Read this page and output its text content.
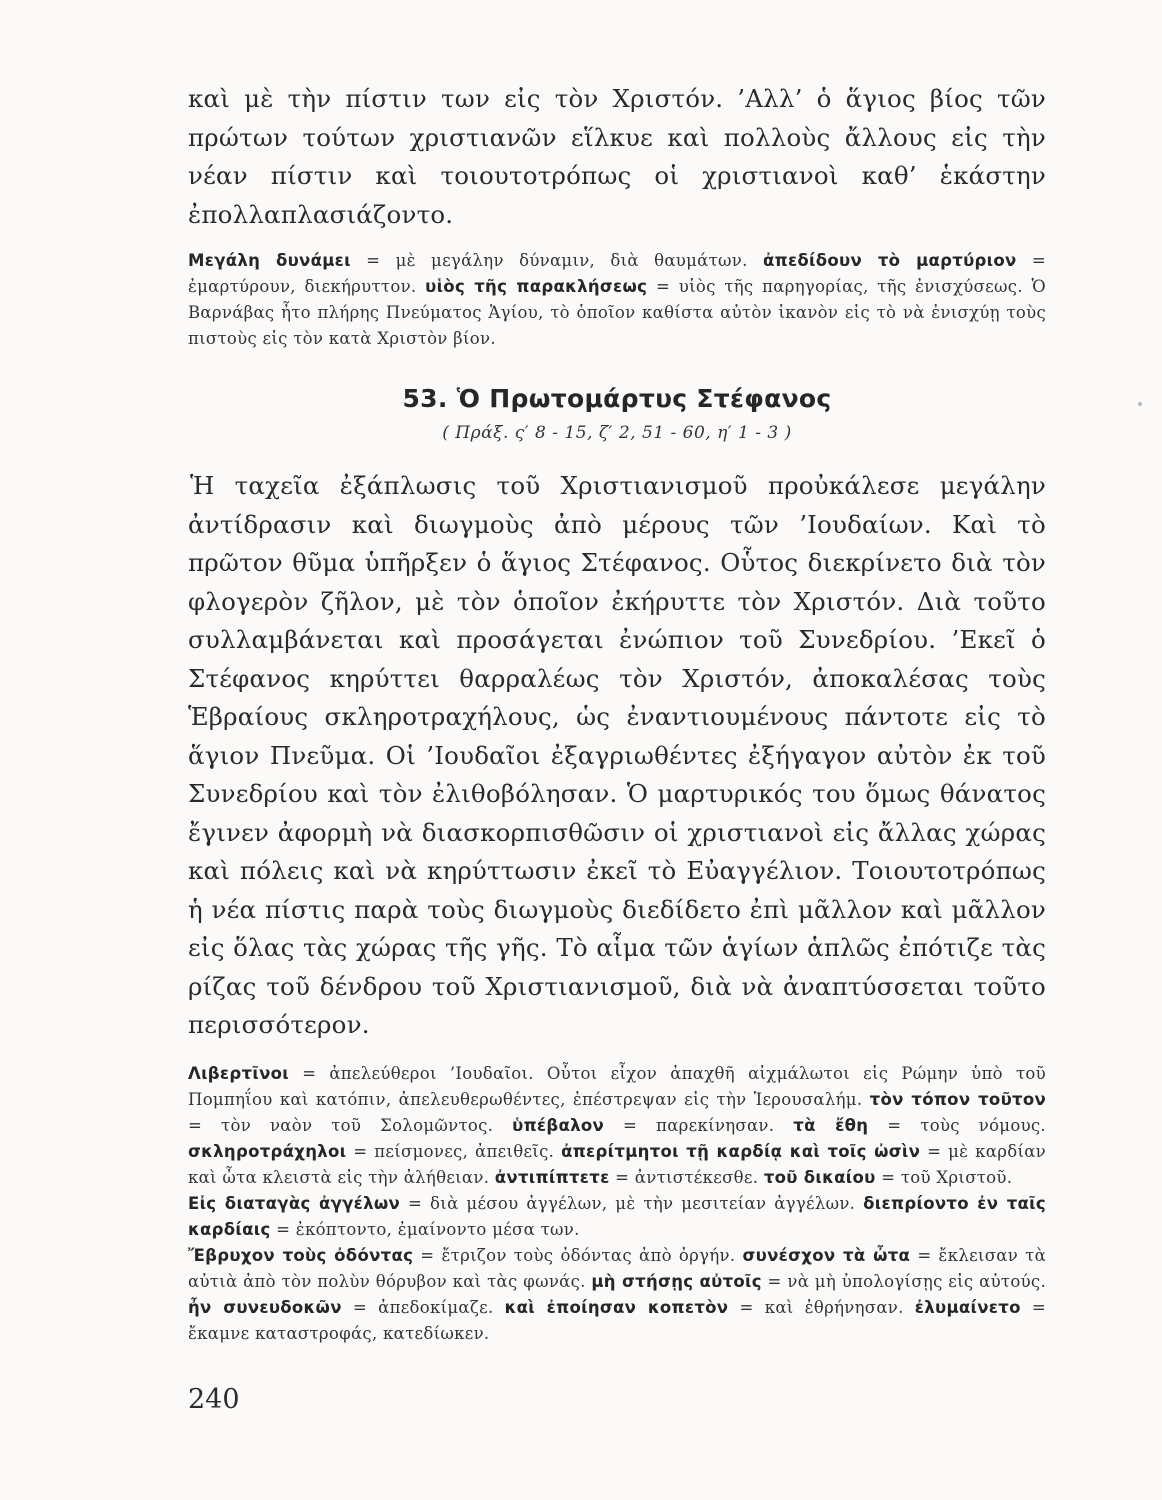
καὶ μὲ τὴν πίστιν των εἰς τὸν Χριστόν. ’Αλλ’ ὁ ἅγιος βίος τῶν πρώτων τούτων χριστιανῶν εἵλκυε καὶ πολλοὺς ἄλλους εἰς τὴν νέαν πίστιν καὶ τοιουτοτρόπως οἱ χριστιανοὶ καθ’ ἑκάστην ἐπολλαπλασιάζοντο.

Μεγάλη δυνάμει = μὲ μεγάλην δύναμιν, διὰ θαυμάτων. ἀπεδίδουν τὸ μαρτύριον = ἐμαρτύρουν, διεκήρυττον. υἱὸς τῆς παρακλήσεως = υἱὸς τῆς παρηγορίας, τῆς ἐνισχύσεως. Ὁ Βαρνάβας ἦτο πλήρης Πνεύματος Ἁγίου, τὸ ὁποῖον καθίστα αὐτὸν ἱκανὸν εἰς τὸ νὰ ἐνισχύῃ τοὺς πιστοὺς εἰς τὸν κατὰ Χριστὸν βίον.

53. Ὁ Πρωτομάρτυς Στέφανος
( Πράξ. ς′ 8 - 15, ζ′ 2, 51 - 60, η′ 1 - 3 )

Ἡ ταχεῖα ἐξάπλωσις τοῦ Χριστιανισμοῦ προὐκάλεσε μεγάλην ἀντίδρασιν καὶ διωγμοὺς ἀπὸ μέρους τῶν ’Ιουδαίων. Καὶ τὸ πρῶτον θῦμα ὑπῆρξεν ὁ ἅγιος Στέφανος. Οὗτος διεκρίνετο διὰ τὸν φλογερὸν ζῆλον, μὲ τὸν ὁποῖον ἐκήρυττε τὸν Χριστόν. Διὰ τοῦτο συλλαμβάνεται καὶ προσάγεται ἐνώπιον τοῦ Συνεδρίου. ’Εκεῖ ὁ Στέφανος κηρύττει θαρραλέως τὸν Χριστόν, ἀποκαλέσας τοὺς Ἑβραίους σκληροτραχήλους, ὡς ἐναντιουμένους πάντοτε εἰς τὸ ἅγιον Πνεῦμα. Οἱ ’Ιουδαῖοι ἐξαγριωθέντες ἐξήγαγον αὐτὸν ἐκ τοῦ Συνεδρίου καὶ τὸν ἐλιθοβόλησαν. Ὁ μαρτυρικός του ὅμως θάνατος ἔγινεν ἀφορμὴ νὰ διασκορπισθῶσιν οἱ χριστιανοὶ εἰς ἄλλας χώρας καὶ πόλεις καὶ νὰ κηρύττωσιν ἐκεῖ τὸ Εὐαγγέλιον. Τοιουτοτρόπως ἡ νέα πίστις παρὰ τοὺς διωγμοὺς διεδίδετο ἐπὶ μᾶλλον καὶ μᾶλλον εἰς ὅλας τὰς χώρας τῆς γῆς. Τὸ αἷμα τῶν ἁγίων ἁπλῶς ἐπότιζε τὰς ρίζας τοῦ δένδρου τοῦ Χριστιανισμοῦ, διὰ νὰ ἀναπτύσσεται τοῦτο περισσότερον.

Λιβερτῖνοι = ἀπελεύθεροι ’Ιουδαῖοι. Οὗτοι εἶχον ἀπαχθῆ αἰχμάλωτοι εἰς Ρώμην ὑπὸ τοῦ Πομπηΐου καὶ κατόπιν, ἀπελευθερωθέντες, ἐπέστρεψαν εἰς τὴν Ἱερουσαλήμ. τὸν τόπον τοῦτον = τὸν ναὸν τοῦ Σολομῶντος. ὑπέβαλον = παρεκίνησαν. τὰ ἔθη = τοὺς νόμους. σκληροτράχηλοι = πείσμονες, ἀπειθεῖς. ἀπερίτμητοι τῇ καρδίᾳ καὶ τοῖς ὠσὶν = μὲ καρδίαν καὶ ὦτα κλειστὰ εἰς τὴν ἀλήθειαν. ἀντιπίπτετε = ἀντιστέκεσθε. τοῦ δικαίου = τοῦ Χριστοῦ.
Εἰς διαταγὰς ἀγγέλων = διὰ μέσου ἀγγέλων, μὲ τὴν μεσιτείαν ἀγγέλων. διεπρίοντο ἐν ταῖς καρδίαις = ἐκόπτοντο, ἐμαίνοντο μέσα των.
Ἔβρυχον τοὺς ὀδόντας = ἔτριζον τοὺς ὀδόντας ἀπὸ ὀργήν. συνέσχον τὰ ὦτα = ἔκλεισαν τὰ αὐτιὰ ἀπὸ τὸν πολὺν θόρυβον καὶ τὰς φωνάς. μὴ στήσῃς αὐτοῖς = νὰ μὴ ὑπολογίσῃς εἰς αὐτούς. ἦν συνευδοκῶν = ἀπεδοκίμαζε. καὶ ἐποίησαν κοπετὸν = καὶ ἐθρήνησαν. ἐλυμαίνετο = ἔκαμνε καταστροφάς, κατεδίωκεν.

240
